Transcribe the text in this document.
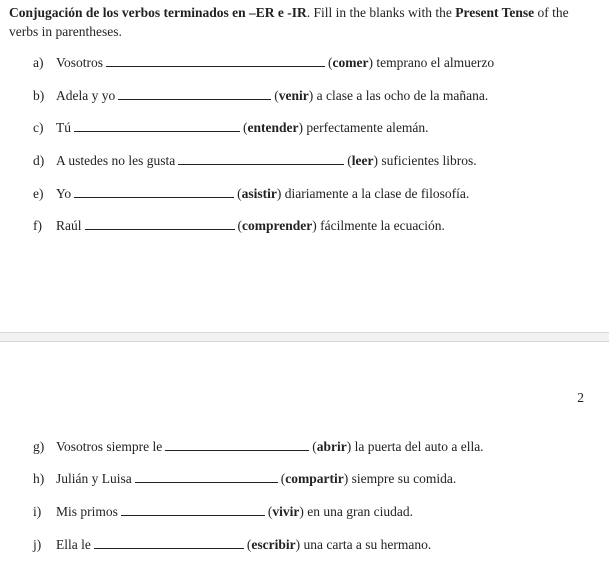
Conjugación de los verbos terminados en –ER e -IR. Fill in the blanks with the Present Tense of the verbs in parentheses.
a) Vosotros	(comer) temprano el almuerzo
b) Adela y yo	(venir) a clase a las ocho de la mañana.
c) Tú	(entender) perfectamente alemán.
d) A ustedes no les gusta	(leer) suficientes libros.
e) Yo	(asistir) diariamente a la clase de filosofía.
f) Raúl	(comprender) fácilmente la ecuación.
2
g) Vosotros siempre le	(abrir) la puerta del auto a ella.
h) Julián y Luisa	(compartir) siempre su comida.
i) Mis primos	(vivir) en una gran ciudad.
j) Ella le	(escribir) una carta a su hermano.
